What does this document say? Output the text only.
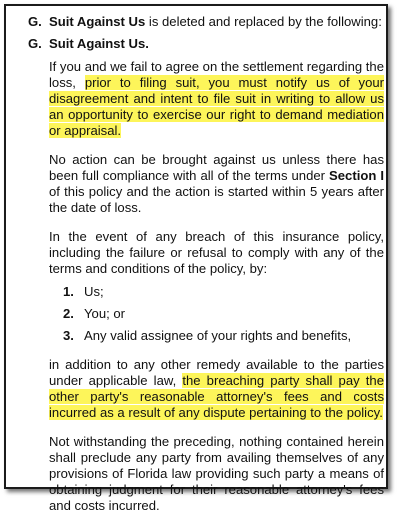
G. Suit Against Us is deleted and replaced by the following:
G. Suit Against Us.

If you and we fail to agree on the settlement regarding the loss, prior to filing suit, you must notify us of your disagreement and intent to file suit in writing to allow us an opportunity to exercise our right to demand mediation or appraisal.

No action can be brought against us unless there has been full compliance with all of the terms under Section I of this policy and the action is started within 5 years after the date of loss.

In the event of any breach of this insurance policy, including the failure or refusal to comply with any of the terms and conditions of the policy, by:

1. Us;
2. You; or
3. Any valid assignee of your rights and benefits,

in addition to any other remedy available to the parties under applicable law, the breaching party shall pay the other party's reasonable attorney's fees and costs incurred as a result of any dispute pertaining to the policy.

Not withstanding the preceding, nothing contained herein shall preclude any party from availing themselves of any provisions of Florida law providing such party a means of obtaining judgment for their reasonable attorney's fees and costs incurred.
